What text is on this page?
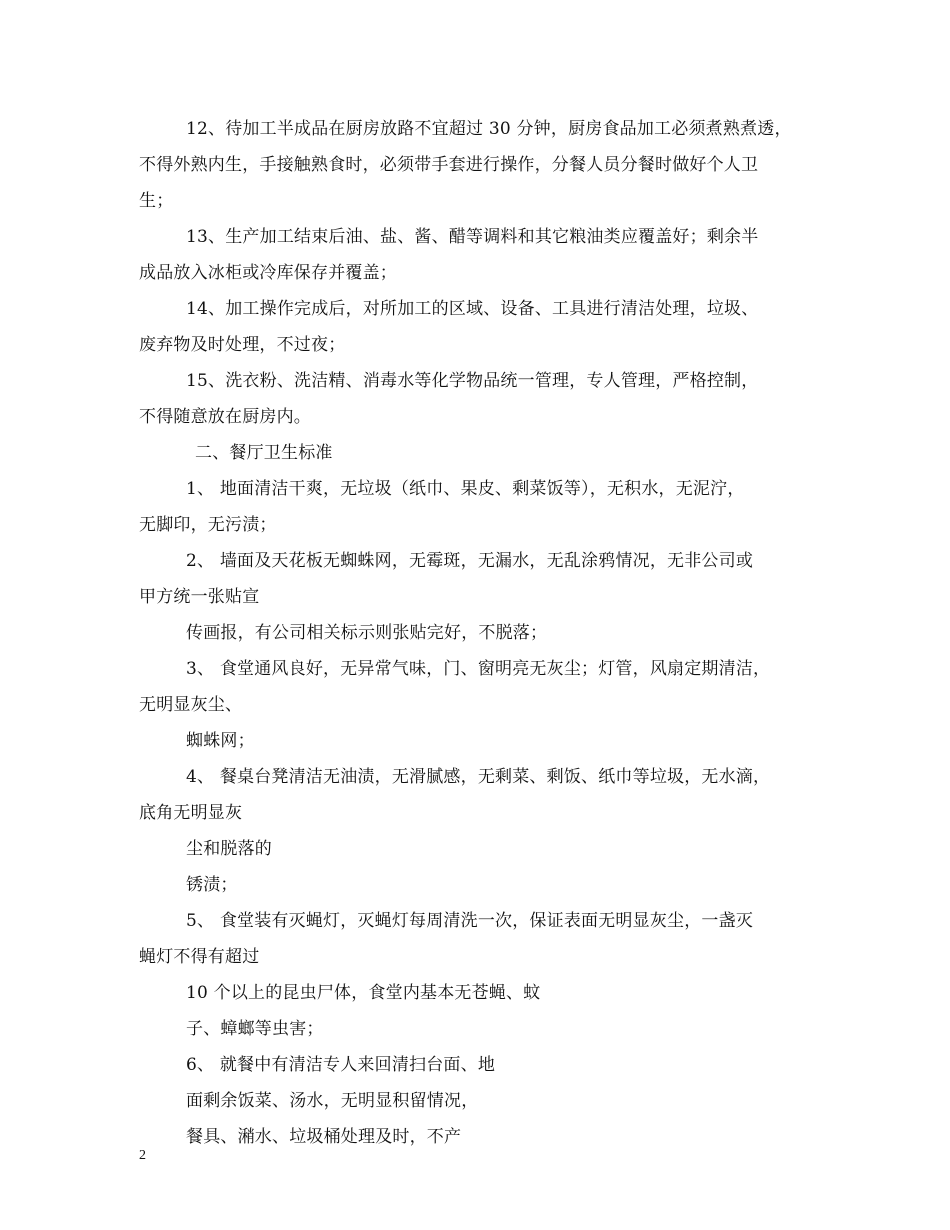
12、待加工半成品在厨房放路不宜超过 30 分钟，厨房食品加工必须煮熟煮透，
不得外熟内生，手接触熟食时，必须带手套进行操作，分餐人员分餐时做好个人卫
生；
13、生产加工结束后油、盐、酱、醋等调料和其它粮油类应覆盖好；剩余半
成品放入冰柜或冷库保存并覆盖；
14、加工操作完成后，对所加工的区域、设备、工具进行清洁处理，垃圾、
废弃物及时处理，不过夜；
15、洗衣粉、洗洁精、消毒水等化学物品统一管理，专人管理，严格控制，
不得随意放在厨房内。
二、餐厅卫生标准
1、 地面清洁干爽，无垃圾（纸巾、果皮、剩菜饭等），无积水，无泥泞，
无脚印，无污渍；
2、 墙面及天花板无蜘蛛网，无霉斑，无漏水，无乱涂鸦情况，无非公司或
甲方统一张贴宣
传画报，有公司相关标示则张贴完好，不脱落；
3、 食堂通风良好，无异常气味，门、窗明亮无灰尘；灯管，风扇定期清洁，
无明显灰尘、
蜘蛛网；
4、 餐桌台凳清洁无油渍，无滑腻感，无剩菜、剩饭、纸巾等垃圾，无水滴，
底角无明显灰
尘和脱落的
锈渍；
5、 食堂装有灭蝇灯，灭蝇灯每周清洗一次，保证表面无明显灰尘，一盏灭
蝇灯不得有超过
10 个以上的昆虫尸体，食堂内基本无苍蝇、蚊
子、蟑螂等虫害；
6、 就餐中有清洁专人来回清扫台面、地
面剩余饭菜、汤水，无明显积留情况，
餐具、潲水、垃圾桶处理及时，不产
2
